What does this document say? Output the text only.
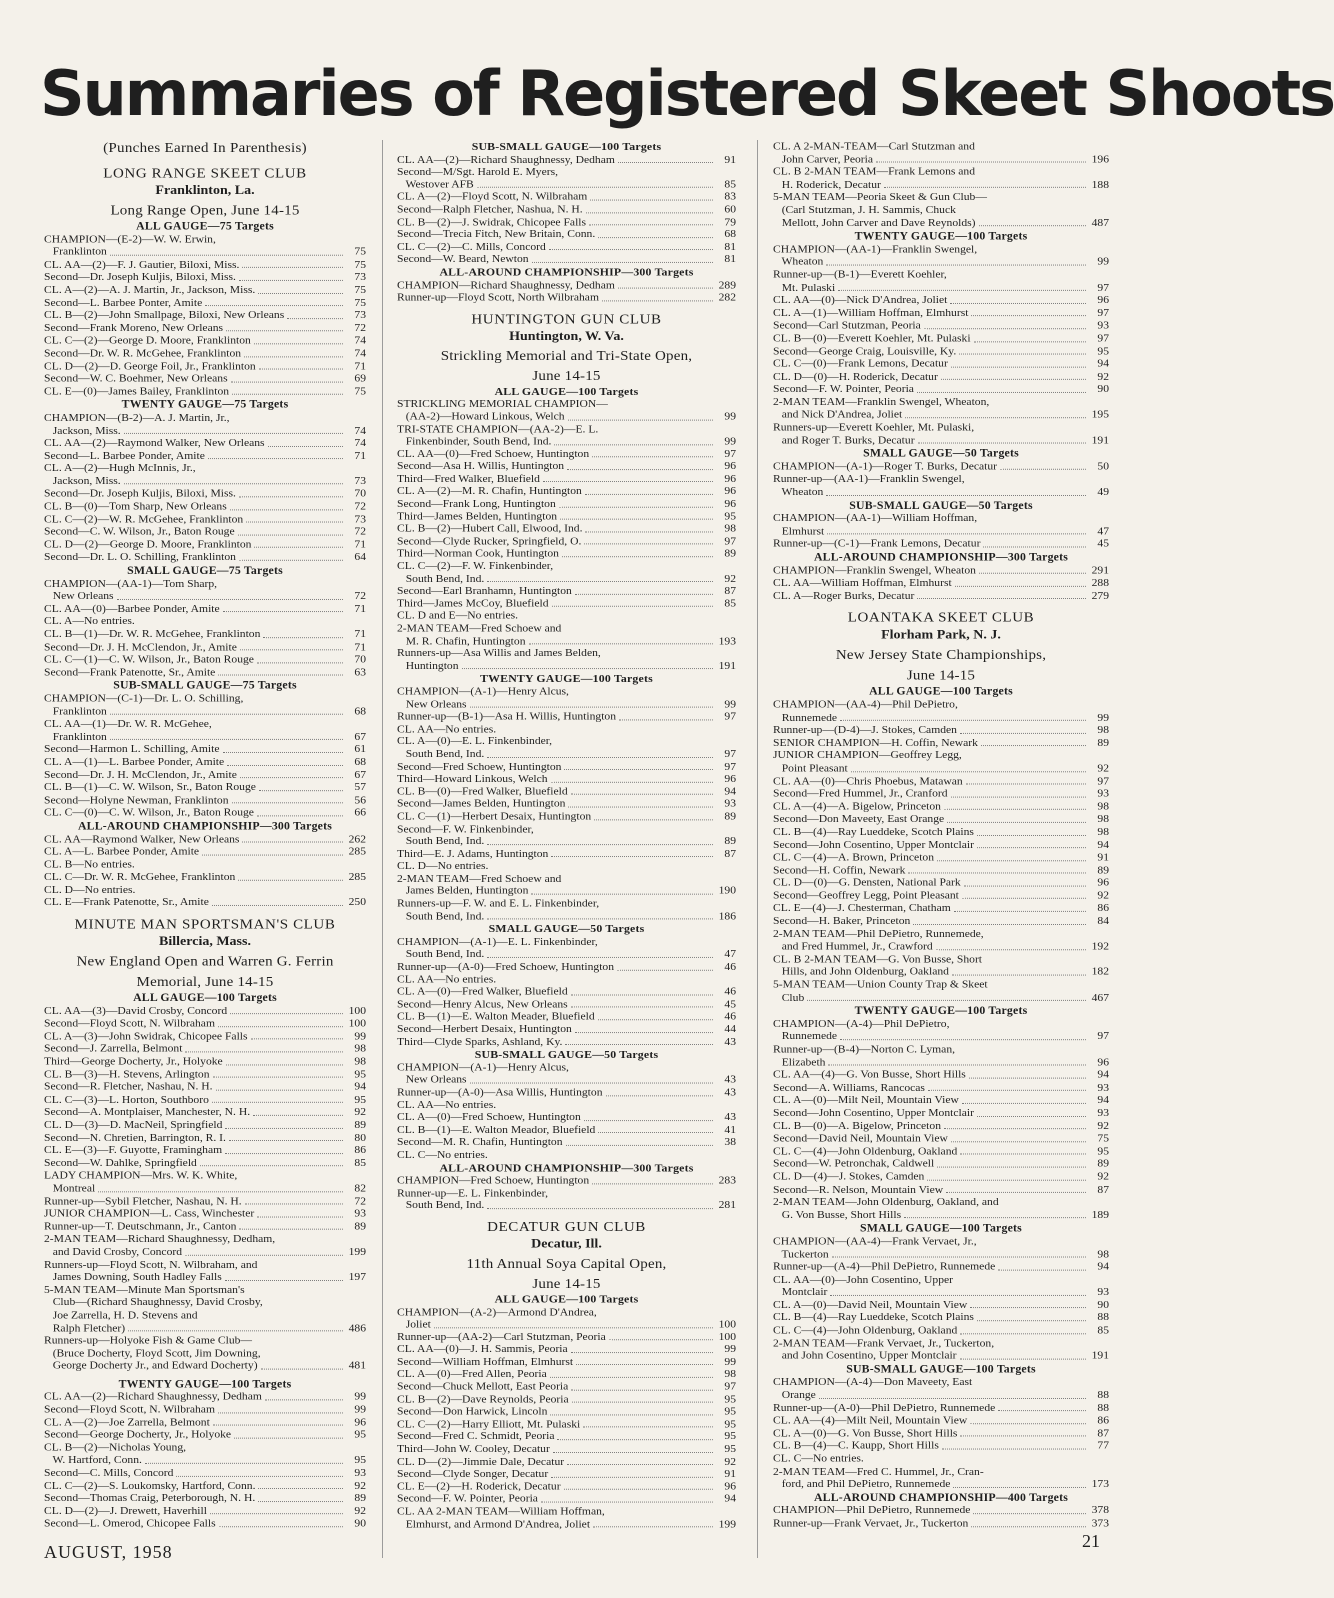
Summaries of Registered Skeet Shoots
(Punches Earned In Parenthesis)
LONG RANGE SKEET CLUB
Franklinton, La.
Long Range Open, June 14-15
ALL GAUGE—75 Targets
CHAMPION—(E-2)—W. W. Erwin,
Franklinton	75
CL. AA—(2)—F. J. Gautier, Biloxi, Miss.	75
Second—Dr. Joseph Kuljis, Biloxi, Miss.	73
CL. A—(2)—A. J. Martin, Jr., Jackson, Miss.	75
Second—L. Barbee Ponter, Amite	75
CL. B—(2)—John Smallpage, Biloxi, New Orleans	73
Second—Frank Moreno, New Orleans	72
CL. C—(2)—George D. Moore, Franklinton	74
Second—Dr. W. R. McGehee, Franklinton	74
CL. D—(2)—D. George Foil, Jr., Franklinton	71
Second—W. C. Boehmer, New Orleans	69
CL. E—(0)—James Bailey, Franklinton	75
TWENTY GAUGE—75 Targets
CHAMPION—(B-2)—A. J. Martin, Jr.,
Jackson, Miss.	74
CL. AA—(2)—Raymond Walker, New Orleans	74
Second—L. Barbee Ponder, Amite	71
CL. A—(2)—Hugh McInnis, Jr.,
Jackson, Miss.	73
Second—Dr. Joseph Kuljis, Biloxi, Miss.	70
CL. B—(0)—Tom Sharp, New Orleans	72
CL. C—(2)—W. R. McGehee, Franklinton	73
Second—C. W. Wilson, Jr., Baton Rouge	72
CL. D—(2)—George D. Moore, Franklinton	71
Second—Dr. L. O. Schilling, Franklinton	64
SMALL GAUGE—75 Targets
CHAMPION—(AA-1)—Tom Sharp,
New Orleans	72
CL. AA—(0)—Barbee Ponder, Amite	71
CL. A—No entries.
CL. B—(1)—Dr. W. R. McGehee, Franklinton	71
Second—Dr. J. H. McClendon, Jr., Amite	71
CL. C—(1)—C. W. Wilson, Jr., Baton Rouge	70
Second—Frank Patenotte, Sr., Amite	63
SUB-SMALL GAUGE—75 Targets
CHAMPION—(C-1)—Dr. L. O. Schilling,
Franklinton	68
CL. AA—(1)—Dr. W. R. McGehee,
Franklinton	67
Second—Harmon L. Schilling, Amite	61
CL. A—(1)—L. Barbee Ponder, Amite	68
Second—Dr. J. H. McClendon, Jr., Amite	67
CL. B—(1)—C. W. Wilson, Sr., Baton Rouge	57
Second—Holyne Newman, Franklinton	56
CL. C—(0)—C. W. Wilson, Jr., Baton Rouge	66
ALL-AROUND CHAMPIONSHIP—300 Targets
CL. AA—Raymond Walker, New Orleans	262
CL. A—L. Barbee Ponder, Amite	285
CL. B—No entries.
CL. C—Dr. W. R. McGehee, Franklinton	285
CL. D—No entries.
CL. E—Frank Patenotte, Sr., Amite	250
MINUTE MAN SPORTSMAN'S CLUB
Billercia, Mass.
New England Open and Warren G. Ferrin
Memorial, June 14-15
ALL GAUGE—100 Targets
CL. AA—(3)—David Crosby, Concord	100
Second—Floyd Scott, N. Wilbraham	100
CL. A—(3)—John Swidrak, Chicopee Falls	99
Second—J. Zarrella, Belmont	98
Third—George Docherty, Jr., Holyoke	98
CL. B—(3)—H. Stevens, Arlington	95
Second—R. Fletcher, Nashau, N. H.	94
CL. C—(3)—L. Horton, Southboro	95
Second—A. Montplaiser, Manchester, N. H.	92
CL. D—(3)—D. MacNeil, Springfield	89
Second—N. Chretien, Barrington, R. I.	80
CL. E—(3)—F. Guyotte, Framingham	86
Second—W. Dahlke, Springfield	85
LADY CHAMPION—Mrs. W. K. White,
Montreal	82
Runner-up—Sybil Fletcher, Nashau, N. H.	72
JUNIOR CHAMPION—L. Cass, Winchester	93
Runner-up—T. Deutschmann, Jr., Canton	89
2-MAN TEAM—Richard Shaughnessy, Dedham,
and David Crosby, Concord	199
Runners-up—Floyd Scott, N. Wilbraham, and
James Downing, South Hadley Falls	197
5-MAN TEAM—Minute Man Sportsman's
Club—(Richard Shaughnessy, David Crosby,
Joe Zarrella, H. D. Stevens and
Ralph Fletcher)	486
Runners-up—Holyoke Fish & Game Club—
(Bruce Docherty, Floyd Scott, Jim Downing,
George Docherty Jr., and Edward Docherty)	481
TWENTY GAUGE—100 Targets
CL. AA—(2)—Richard Shaughnessy, Dedham	99
Second—Floyd Scott, N. Wilbraham	99
CL. A—(2)—Joe Zarrella, Belmont	96
Second—George Docherty, Jr., Holyoke	95
CL. B—(2)—Nicholas Young,
W. Hartford, Conn.	95
Second—C. Mills, Concord	93
CL. C—(2)—S. Loukomsky, Hartford, Conn.	92
Second—Thomas Craig, Peterborough, N. H.	89
CL. D—(2)—J. Drewett, Haverhill	92
Second—L. Omerod, Chicopee Falls	90
SUB-SMALL GAUGE—100 Targets
CL. AA—(2)—Richard Shaughnessy, Dedham	91
Second—M/Sgt. Harold E. Myers,
Westover AFB	85
CL. A—(2)—Floyd Scott, N. Wilbraham	83
Second—Ralph Fletcher, Nashua, N. H.	60
CL. B—(2)—J. Swidrak, Chicopee Falls	79
Second—Trecia Fitch, New Britain, Conn.	68
CL. C—(2)—C. Mills, Concord	81
Second—W. Beard, Newton	81
ALL-AROUND CHAMPIONSHIP—300 Targets
CHAMPION—Richard Shaughnessy, Dedham	289
Runner-up—Floyd Scott, North Wilbraham	282
HUNTINGTON GUN CLUB
Huntington, W. Va.
Strickling Memorial and Tri-State Open,
June 14-15
ALL GAUGE—100 Targets
STRICKLING MEMORIAL CHAMPION—
(AA-2)—Howard Linkous, Welch	99
TRI-STATE CHAMPION—(AA-2)—E. L.
Finkenbinder, South Bend, Ind.	99
CL. AA—(0)—Fred Schoew, Huntington	97
Second—Asa H. Willis, Huntington	96
Third—Fred Walker, Bluefield	96
CL. A—(2)—M. R. Chafin, Huntington	96
Second—Frank Long, Huntington	96
Third—James Belden, Huntington	95
CL. B—(2)—Hubert Call, Elwood, Ind.	98
Second—Clyde Rucker, Springfield, O.	97
Third—Norman Cook, Huntington	89
CL. C—(2)—F. W. Finkenbinder,
South Bend, Ind.	92
Second—Earl Branhamn, Huntington	87
Third—James McCoy, Bluefield	85
CL. D and E—No entries.
2-MAN TEAM—Fred Schoew and
M. R. Chafin, Huntington	193
Runners-up—Asa Willis and James Belden,
Huntington	191
TWENTY GAUGE—100 Targets
CHAMPION—(A-1)—Henry Alcus,
New Orleans	99
Runner-up—(B-1)—Asa H. Willis, Huntington	97
CL. AA—No entries.
CL. A—(0)—E. L. Finkenbinder,
South Bend, Ind.	97
Second—Fred Schoew, Huntington	97
Third—Howard Linkous, Welch	96
CL. B—(0)—Fred Walker, Bluefield	94
Second—James Belden, Huntington	93
CL. C—(1)—Herbert Desaix, Huntington	89
Second—F. W. Finkenbinder,
South Bend, Ind.	89
Third—E. J. Adams, Huntington	87
CL. D—No entries.
2-MAN TEAM—Fred Schoew and
James Belden, Huntington	190
Runners-up—F. W. and E. L. Finkenbinder,
South Bend, Ind.	186
SMALL GAUGE—50 Targets
CHAMPION—(A-1)—E. L. Finkenbinder,
South Bend, Ind.	47
Runner-up—(A-0)—Fred Schoew, Huntington	46
CL. AA—No entries.
CL. A—(0)—Fred Walker, Bluefield	46
Second—Henry Alcus, New Orleans	45
CL. B—(1)—E. Walton Meader, Bluefield	46
Second—Herbert Desaix, Huntington	44
Third—Clyde Sparks, Ashland, Ky.	43
SUB-SMALL GAUGE—50 Targets
CHAMPION—(A-1)—Henry Alcus,
New Orleans	43
Runner-up—(A-0)—Asa Willis, Huntington	43
CL. AA—No entries.
CL. A—(0)—Fred Schoew, Huntington	43
CL. B—(1)—E. Walton Meador, Bluefield	41
Second—M. R. Chafin, Huntington	38
CL. C—No entries.
ALL-AROUND CHAMPIONSHIP—300 Targets
CHAMPION—Fred Schoew, Huntington	283
Runner-up—E. L. Finkenbinder,
South Bend, Ind.	281
DECATUR GUN CLUB
Decatur, Ill.
11th Annual Soya Capital Open,
June 14-15
ALL GAUGE—100 Targets
CHAMPION—(A-2)—Armond D'Andrea,
Joliet	100
Runner-up—(AA-2)—Carl Stutzman, Peoria	100
CL. AA—(0)—J. H. Sammis, Peoria	99
Second—William Hoffman, Elmhurst	99
CL. A—(0)—Fred Allen, Peoria	98
Second—Chuck Mellott, East Peoria	97
CL. B—(2)—Dave Reynolds, Peoria	95
Second—Don Harwick, Lincoln	95
CL. C—(2)—Harry Elliott, Mt. Pulaski	95
Second—Fred C. Schmidt, Peoria	95
Third—John W. Cooley, Decatur	95
CL. D—(2)—Jimmie Dale, Decatur	92
Second—Clyde Songer, Decatur	91
CL. E—(2)—H. Roderick, Decatur	96
Second—F. W. Pointer, Peoria	94
CL. AA 2-MAN TEAM—William Hoffman,
Elmhurst, and Armond D'Andrea, Joliet	199
CL. A 2-MAN-TEAM—Carl Stutzman and
John Carver, Peoria	196
CL. B 2-MAN TEAM—Frank Lemons and
H. Roderick, Decatur	188
5-MAN TEAM—Peoria Skeet & Gun Club—
(Carl Stutzman, J. H. Sammis, Chuck
Mellott, John Carver and Dave Reynolds)	487
TWENTY GAUGE—100 Targets
CHAMPION—(AA-1)—Franklin Swengel,
Wheaton	99
Runner-up—(B-1)—Everett Koehler,
Mt. Pulaski	97
CL. AA—(0)—Nick D'Andrea, Joliet	96
CL. A—(1)—William Hoffman, Elmhurst	97
Second—Carl Stutzman, Peoria	93
CL. B—(0)—Everett Koehler, Mt. Pulaski	97
Second—George Craig, Louisville, Ky.	95
CL. C—(0)—Frank Lemons, Decatur	94
CL. D—(0)—H. Roderick, Decatur	92
Second—F. W. Pointer, Peoria	90
2-MAN TEAM—Franklin Swengel, Wheaton,
and Nick D'Andrea, Joliet	195
Runners-up—Everett Koehler, Mt. Pulaski,
and Roger T. Burks, Decatur	191
SMALL GAUGE—50 Targets
CHAMPION—(A-1)—Roger T. Burks, Decatur	50
Runner-up—(AA-1)—Franklin Swengel,
Wheaton	49
SUB-SMALL GAUGE—50 Targets
CHAMPION—(AA-1)—William Hoffman,
Elmhurst	47
Runner-up—(C-1)—Frank Lemons, Decatur	45
ALL-AROUND CHAMPIONSHIP—300 Targets
CHAMPION—Franklin Swengel, Wheaton	291
CL. AA—William Hoffman, Elmhurst	288
CL. A—Roger Burks, Decatur	279
LOANTAKA SKEET CLUB
Florham Park, N. J.
New Jersey State Championships,
June 14-15
ALL GAUGE—100 Targets
CHAMPION—(AA-4)—Phil DePietro,
Runnemede	99
Runner-up—(D-4)—J. Stokes, Camden	98
SENIOR CHAMPION—H. Coffin, Newark	89
JUNIOR CHAMPION—Geoffrey Legg,
Point Pleasant	92
CL. AA—(0)—Chris Phoebus, Matawan	97
Second—Fred Hummel, Jr., Cranford	93
CL. A—(4)—A. Bigelow, Princeton	98
Second—Don Maveety, East Orange	98
CL. B—(4)—Ray Lueddeke, Scotch Plains	98
Second—John Cosentino, Upper Montclair	94
CL. C—(4)—A. Brown, Princeton	91
Second—H. Coffin, Newark	89
CL. D—(0)—G. Densten, National Park	96
Second—Geoffrey Legg, Point Pleasant	92
CL. E—(4)—J. Chesterman, Chatham	86
Second—H. Baker, Princeton	84
2-MAN TEAM—Phil DePietro, Runnemede,
and Fred Hummel, Jr., Crawford	192
CL. B 2-MAN TEAM—G. Von Busse, Short
Hills, and John Oldenburg, Oakland	182
5-MAN TEAM—Union County Trap & Skeet
Club	467
TWENTY GAUGE—100 Targets
CHAMPION—(A-4)—Phil DePietro,
Runnemede	97
Runner-up—(B-4)—Norton C. Lyman,
Elizabeth	96
CL. AA—(4)—G. Von Busse, Short Hills	94
Second—A. Williams, Rancocas	93
CL. A—(0)—Milt Neil, Mountain View	94
Second—John Cosentino, Upper Montclair	93
CL. B—(0)—A. Bigelow, Princeton	92
Second—David Neil, Mountain View	75
CL. C—(4)—John Oldenburg, Oakland	95
Second—W. Petronchak, Caldwell	89
CL. D—(4)—J. Stokes, Camden	92
Second—R. Nelson, Mountain View	87
2-MAN TEAM—John Oldenburg, Oakland, and
G. Von Busse, Short Hills	189
SMALL GAUGE—100 Targets
CHAMPION—(AA-4)—Frank Vervaet, Jr.,
Tuckerton	98
Runner-up—(A-4)—Phil DePietro, Runnemede	94
CL. AA—(0)—John Cosentino, Upper
Montclair	93
CL. A—(0)—David Neil, Mountain View	90
CL. B—(4)—Ray Lueddeke, Scotch Plains	88
CL. C—(4)—John Oldenburg, Oakland	85
2-MAN TEAM—Frank Vervaet, Jr., Tuckerton,
and John Cosentino, Upper Montclair	191
SUB-SMALL GAUGE—100 Targets
CHAMPION—(A-4)—Don Maveety, East
Orange	88
Runner-up—(A-0)—Phil DePietro, Runnemede	88
CL. AA—(4)—Milt Neil, Mountain View	86
CL. A—(0)—G. Von Busse, Short Hills	87
CL. B—(4)—C. Kaupp, Short Hills	77
CL. C—No entries.
2-MAN TEAM—Fred C. Hummel, Jr., Cran-
ford, and Phil DePietro, Runnemede	173
ALL-AROUND CHAMPIONSHIP—400 Targets
CHAMPION—Phil DePietro, Runnemede	378
Runner-up—Frank Vervaet, Jr., Tuckerton	373
AUGUST, 1958
21
